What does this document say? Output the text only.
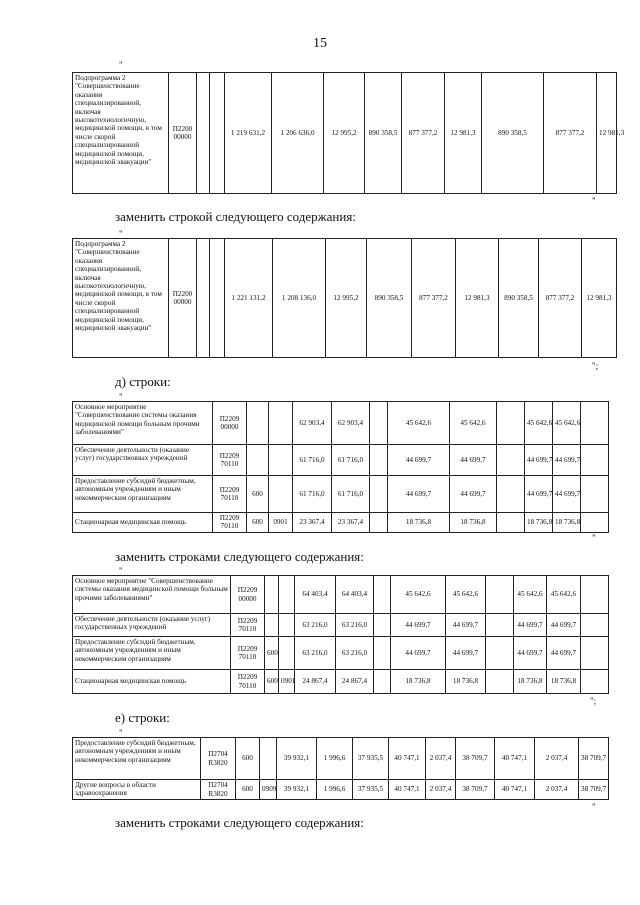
15
"
Подпрограмма 2 "Совершенствование оказания специализированной, включая высокотехнологичную, медицинской помощи, в том числе скорой специализированной медицинской помощи, медицинской эвакуации"	П2200 00000			1 219 631,2	1 206 636,0	12 995,2	890 358,5	877 377,2	12 981,3	890 358,5	877 377,2	12 981,3
"
заменить строкой следующего содержания:
"
Подпрограмма 2 "Совершенствование оказания специализированной, включая высокотехнологичную, медицинской помощи, в том числе скорой специализированной медицинской помощи, медицинской эвакуации"	П2200 00000			1 221 131,2	1 208 136,0	12 995,2	890 358,5	877 377,2	12 981,3	890 358,5	877 377,2	12 981,3
";
д) строки:
"
Основное мероприятие "Совершенствование системы оказания медицинской помощи больным прочими заболеваниями"	П2209 00000			62 903,4	62 903,4		45 642,6	45 642,6		45 642,6	45 642,6	
Обеспечение деятельности (оказание услуг) государственных учреждений	П2209 70110			61 716,0	61 716,0		44 699,7	44 699,7		44 699,7	44 699,7	
Предоставление субсидий бюджетным, автономным учреждениям и иным некоммерческим организациям	П2209 70110	600		61 716,0	61 716,0		44 699,7	44 699,7		44 699,7	44 699,7	
Стационарная медицинская помощь	П2209 70110	600	0901	23 367,4	23 367,4		18 736,8	18 736,8		18 736,8	18 736,8	
"
заменить строками следующего содержания:
"
Основное мероприятие "Совершенствование системы оказания медицинской помощи больным прочими заболеваниями"	П2209 00000			64 403,4	64 403,4		45 642,6	45 642,6		45 642,6	45 642,6	
Обеспечение деятельности (оказание услуг) государственных учреждений	П2209 70110			63 216,0	63 216,0		44 699,7	44 699,7		44 699,7	44 699,7	
Предоставление субсидий бюджетным, автономным учреждениям и иным некоммерческим организациям	П2209 70110	600		63 216,0	63 216,0		44 699,7	44 699,7		44 699,7	44 699,7	
Стационарная медицинская помощь	П2209 70110	600	0901	24 867,4	24 867,4		18 736,8	18 736,8		18 736,8	18 736,8	
";
е) строки:
"
Предоставление субсидий бюджетным, автономным учреждениям и иным некоммерческим организациям	П2704 R3820	600		39 932,1	1 996,6	37 935,5	40 747,1	2 037,4	38 709,7	40 747,1	2 037,4	38 709,7
Другие вопросы в области здравоохранения	П2704 R3820	600	0909	39 932,1	1 996,6	37 935,5	40 747,1	2 037,4	38 709,7	40 747,1	2 037,4	38 709,7
"
заменить строками следующего содержания:
